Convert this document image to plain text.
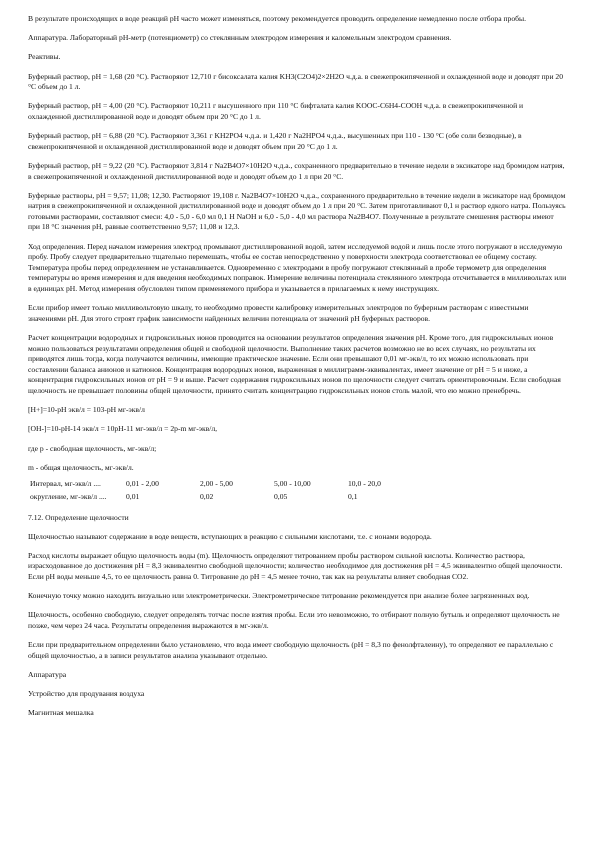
В результате происходящих в воде реакций рН часто может изменяться, поэтому рекомендуется проводить определение немедленно после отбора пробы.

Аппаратура. Лабораторный рН-метр (потенциометр) со стеклянным электродом измерения и каломельным электродом сравнения.

Реактивы.

Буферный раствор, рН = 1,68 (20 °C). Растворяют 12,710 г бисоксалата калия KH3(C2O4)2×2H2O ч.д.а. в свежепрокипяченной и охлажденной воде и доводят при 20 °C объем до 1 л.

Буферный раствор, рН = 4,00 (20 °C). Растворяют 10,211 г высушенного при 110 °C бифталата калия KOOC-C6H4-COOH ч.д.а. в свежепрокипяченной и охлажденной дистиллированной воде и доводят объем при 20 °C до 1 л.

Буферный раствор, рН = 6,88 (20 °C). Растворяют 3,361 г KH2PO4 ч.д.а. и 1,420 г Na2HPO4 ч.д.а., высушенных при 110 - 130 °C (обе соли безводные), в свежепрокипяченной и охлажденной дистиллированной воде и доводят объем при 20 °C до 1 л.

Буферный раствор, рН = 9,22 (20 °C). Растворяют 3,814 г Na2B4O7×10H2O ч.д.а., сохраненного предварительно в течение недели в эксикаторе над бромидом натрия, в свежепрокипяченной и охлажденной дистиллированной воде и доводят объем до 1 л при 20 °C.

Буферные растворы, рН = 9,57; 11,08; 12,30. Растворяют 19,108 г. Na2B4O7×10H2O ч.д.а., сохраненного предварительно в течение недели в эксикаторе над бромидом натрия в свежепрокипяченной и охлажденной дистиллированной воде и доводят объем до 1 л при 20 °C. Затем приготавливают 0,1 н раствор едкого натра. Пользуясь готовыми растворами, составляют смеси: 4,0 - 5,0 - 6,0 мл 0,1 Н NaOH и 6,0 - 5,0 - 4,0 мл раствора Na2B4O7. Полученные в результате смешения растворы имеют при 18 °C значения рН, равные соответственно 9,57; 11,08 и 12,3.

Ход определения. Перед началом измерения электрод промывают дистиллированной водой, затем исследуемой водой и лишь после этого погружают в исследуемую пробу. Пробу следует предварительно тщательно перемешать, чтобы ее состав непосредственно у поверхности электрода соответствовал ее общему составу. Температура пробы перед определением не устанавливается. Одновременно с электродами в пробу погружают стеклянный в пробе термометр для определения температуры во время измерения и для введения необходимых поправок. Измерение величины потенциала стеклянного электрода отсчитывается в милливольтах или в единицах рН. Метод измерения обусловлен типом применяемого прибора и указывается в прилагаемых к нему инструкциях.

Если прибор имеет только милливольтовую шкалу, то необходимо провести калибровку измерительных электродов по буферным растворам с известными значениями рН. Для этого строят график зависимости найденных величин потенциала от значений рН буферных растворов.

Расчет концентрации водородных и гидроксильных ионов проводится на основании результатов определения значения рН. Кроме того, для гидроксильных ионов можно пользоваться результатами определения общей и свободной щелочности. Выполнение таких расчетов возможно не во всех случаях, но результаты их приводятся лишь тогда, когда получаются величины, имеющие практическое значение. Если они превышают 0,01 мг-экв/л, то их можно использовать при составлении баланса анионов и катионов. Концентрация водородных ионов, выраженная в миллиграмм-эквивалентах, имеет значение от рН = 5 и ниже, а концентрация гидроксильных ионов от рН = 9 и выше. Расчет содержания гидроксильных ионов по щелочности следует считать ориентировочным. Если свободная щелочность не превышает половины общей щелочности, принято считать концентрацию гидроксильных ионов столь малой, что ею можно пренебречь.

[H+]=10-pH экв/л = 103-pH мг-экв/л

[OH-]=10-pH-14 экв/л = 10pH-11 мг-экв/л = 2p-m мг-экв/л,

где p - свободная щелочность, мг-экв/л;

m - общая щелочность, мг-экв/л.

Интервал, мг-экв/л ....	0,01 - 2,00	2,00 - 5,00	5,00 - 10,00	10,0 - 20,0
округление, мг-экв/л ....	0,01	0,02	0,05	0,1

7.12. Определение щелочности

Щелочностью называют содержание в воде веществ, вступающих в реакцию с сильными кислотами, т.е. с ионами водорода.

Расход кислоты выражает общую щелочность воды (m). Щелочность определяют титрованием пробы раствором сильной кислоты. Количество раствора, израсходованное до достижения рН = 8,3 эквивалентно свободной щелочности; количество необходимое для достижения рН = 4,5 эквивалентно общей щелочности. Если рН воды меньше 4,5, то ее щелочность равна 0. Титрование до рН = 4,5 менее точно, так как на результаты влияет свободная CO2.

Конечную точку можно находить визуально или электрометрически. Электрометрическое титрование рекомендуется при анализе более загрязненных вод.

Щелочность, особенно свободную, следует определять тотчас после взятия пробы. Если это невозможно, то отбирают полную бутыль и определяют щелочность не позже, чем через 24 часа. Результаты определения выражаются в мг-экв/л.

Если при предварительном определении было установлено, что вода имеет свободную щелочность (рН = 8,3 по фенолфталеину), то определяют ее параллельно с общей щелочностью, а в записи результатов анализа указывают отдельно.

Аппаратура

Устройство для продувания воздуха

Магнитная мешалка
